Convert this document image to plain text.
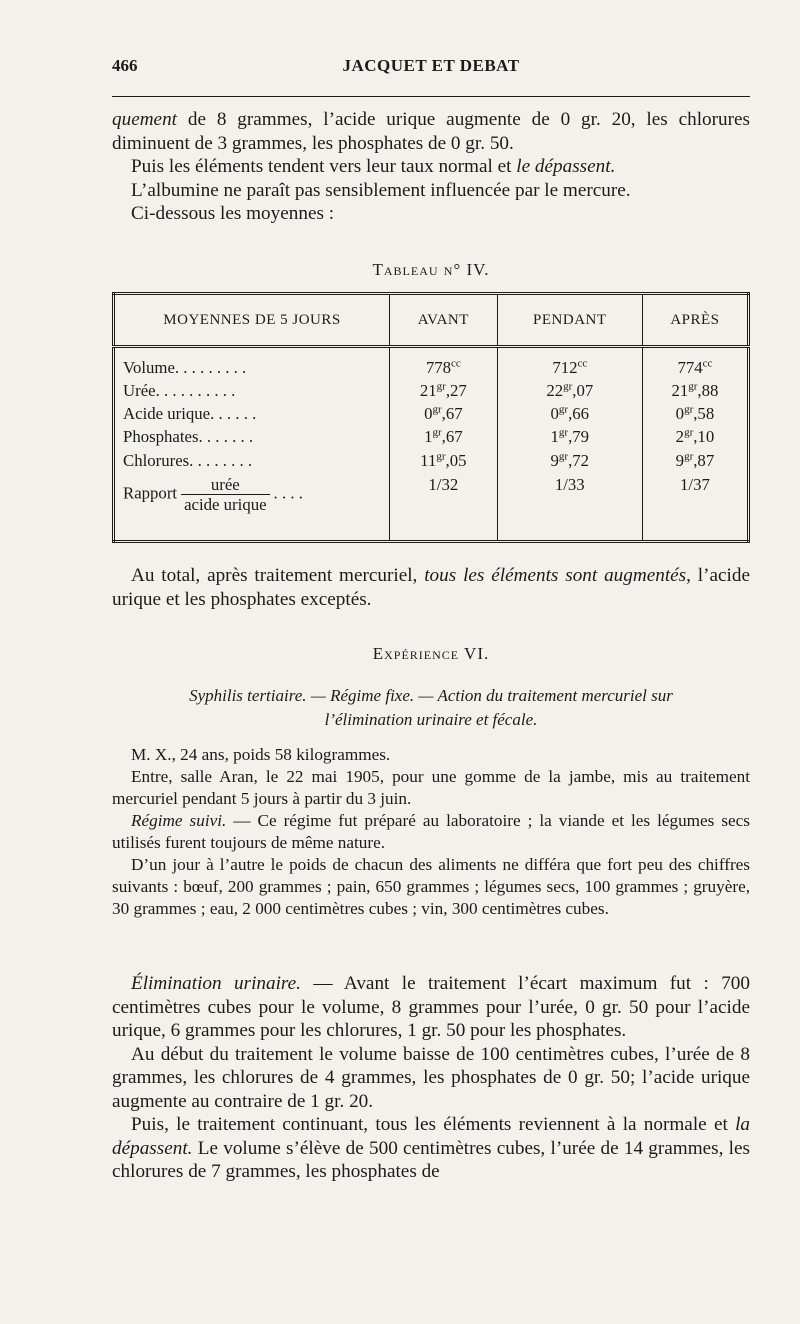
466	JACQUET ET DEBAT

quement de 8 grammes, l’acide urique augmente de 0 gr. 20, les chlorures diminuent de 3 grammes, les phosphates de 0 gr. 50.

Puis les éléments tendent vers leur taux normal et le dépassent.

L’albumine ne paraît pas sensiblement influencée par le mercure.

Ci-dessous les moyennes :

Tableau n° IV.

MOYENNES DE 5 JOURS	AVANT	PENDANT	APRÈS
Volume. . . . . . . . .	$778^{cc}$	$712^{cc}$	$774^{cc}$
Urée. . . . . . . . . .	$21^{gr},27$	$22^{gr},07$	$21^{gr},88$
Acide urique. . . . . .	$0^{gr},67$	$0^{gr},66$	$0^{gr},58$
Phosphates. . . . . . .	$1^{gr},67$	$1^{gr},79$	$2^{gr},10$
Chlorures. . . . . . . .	$11^{gr},05$	$9^{gr},72$	$9^{gr},87$
Rapport $\frac{\text{urée}}{\text{acide urique}}$ . . . .	1/32	1/33	1/37

Au total, après traitement mercuriel, tous les éléments sont augmentés, l’acide urique et les phosphates exceptés.

Expérience VI.

Syphilis tertiaire. — Régime fixe. — Action du traitement mercuriel sur
l’élimination urinaire et fécale.

M. X., 24 ans, poids 58 kilogrammes.

Entre, salle Aran, le 22 mai 1905, pour une gomme de la jambe, mis au traitement mercuriel pendant 5 jours à partir du 3 juin.

Régime suivi. — Ce régime fut préparé au laboratoire ; la viande et les légumes secs utilisés furent toujours de même nature.

D’un jour à l’autre le poids de chacun des aliments ne différa que fort peu des chiffres suivants : bœuf, 200 grammes ; pain, 650 grammes ; légumes secs, 100 grammes ; gruyère, 30 grammes ; eau, 2 000 centimètres cubes ; vin, 300 centimètres cubes.

Élimination urinaire. — Avant le traitement l’écart maximum fut : 700 centimètres cubes pour le volume, 8 grammes pour l’urée, 0 gr. 50 pour l’acide urique, 6 grammes pour les chlorures, 1 gr. 50 pour les phosphates.

Au début du traitement le volume baisse de 100 centimètres cubes, l’urée de 8 grammes, les chlorures de 4 grammes, les phosphates de 0 gr. 50; l’acide urique augmente au contraire de 1 gr. 20.

Puis, le traitement continuant, tous les éléments reviennent à la normale et la dépassent. Le volume s’élève de 500 centimètres cubes, l’urée de 14 grammes, les chlorures de 7 grammes, les phosphates de
